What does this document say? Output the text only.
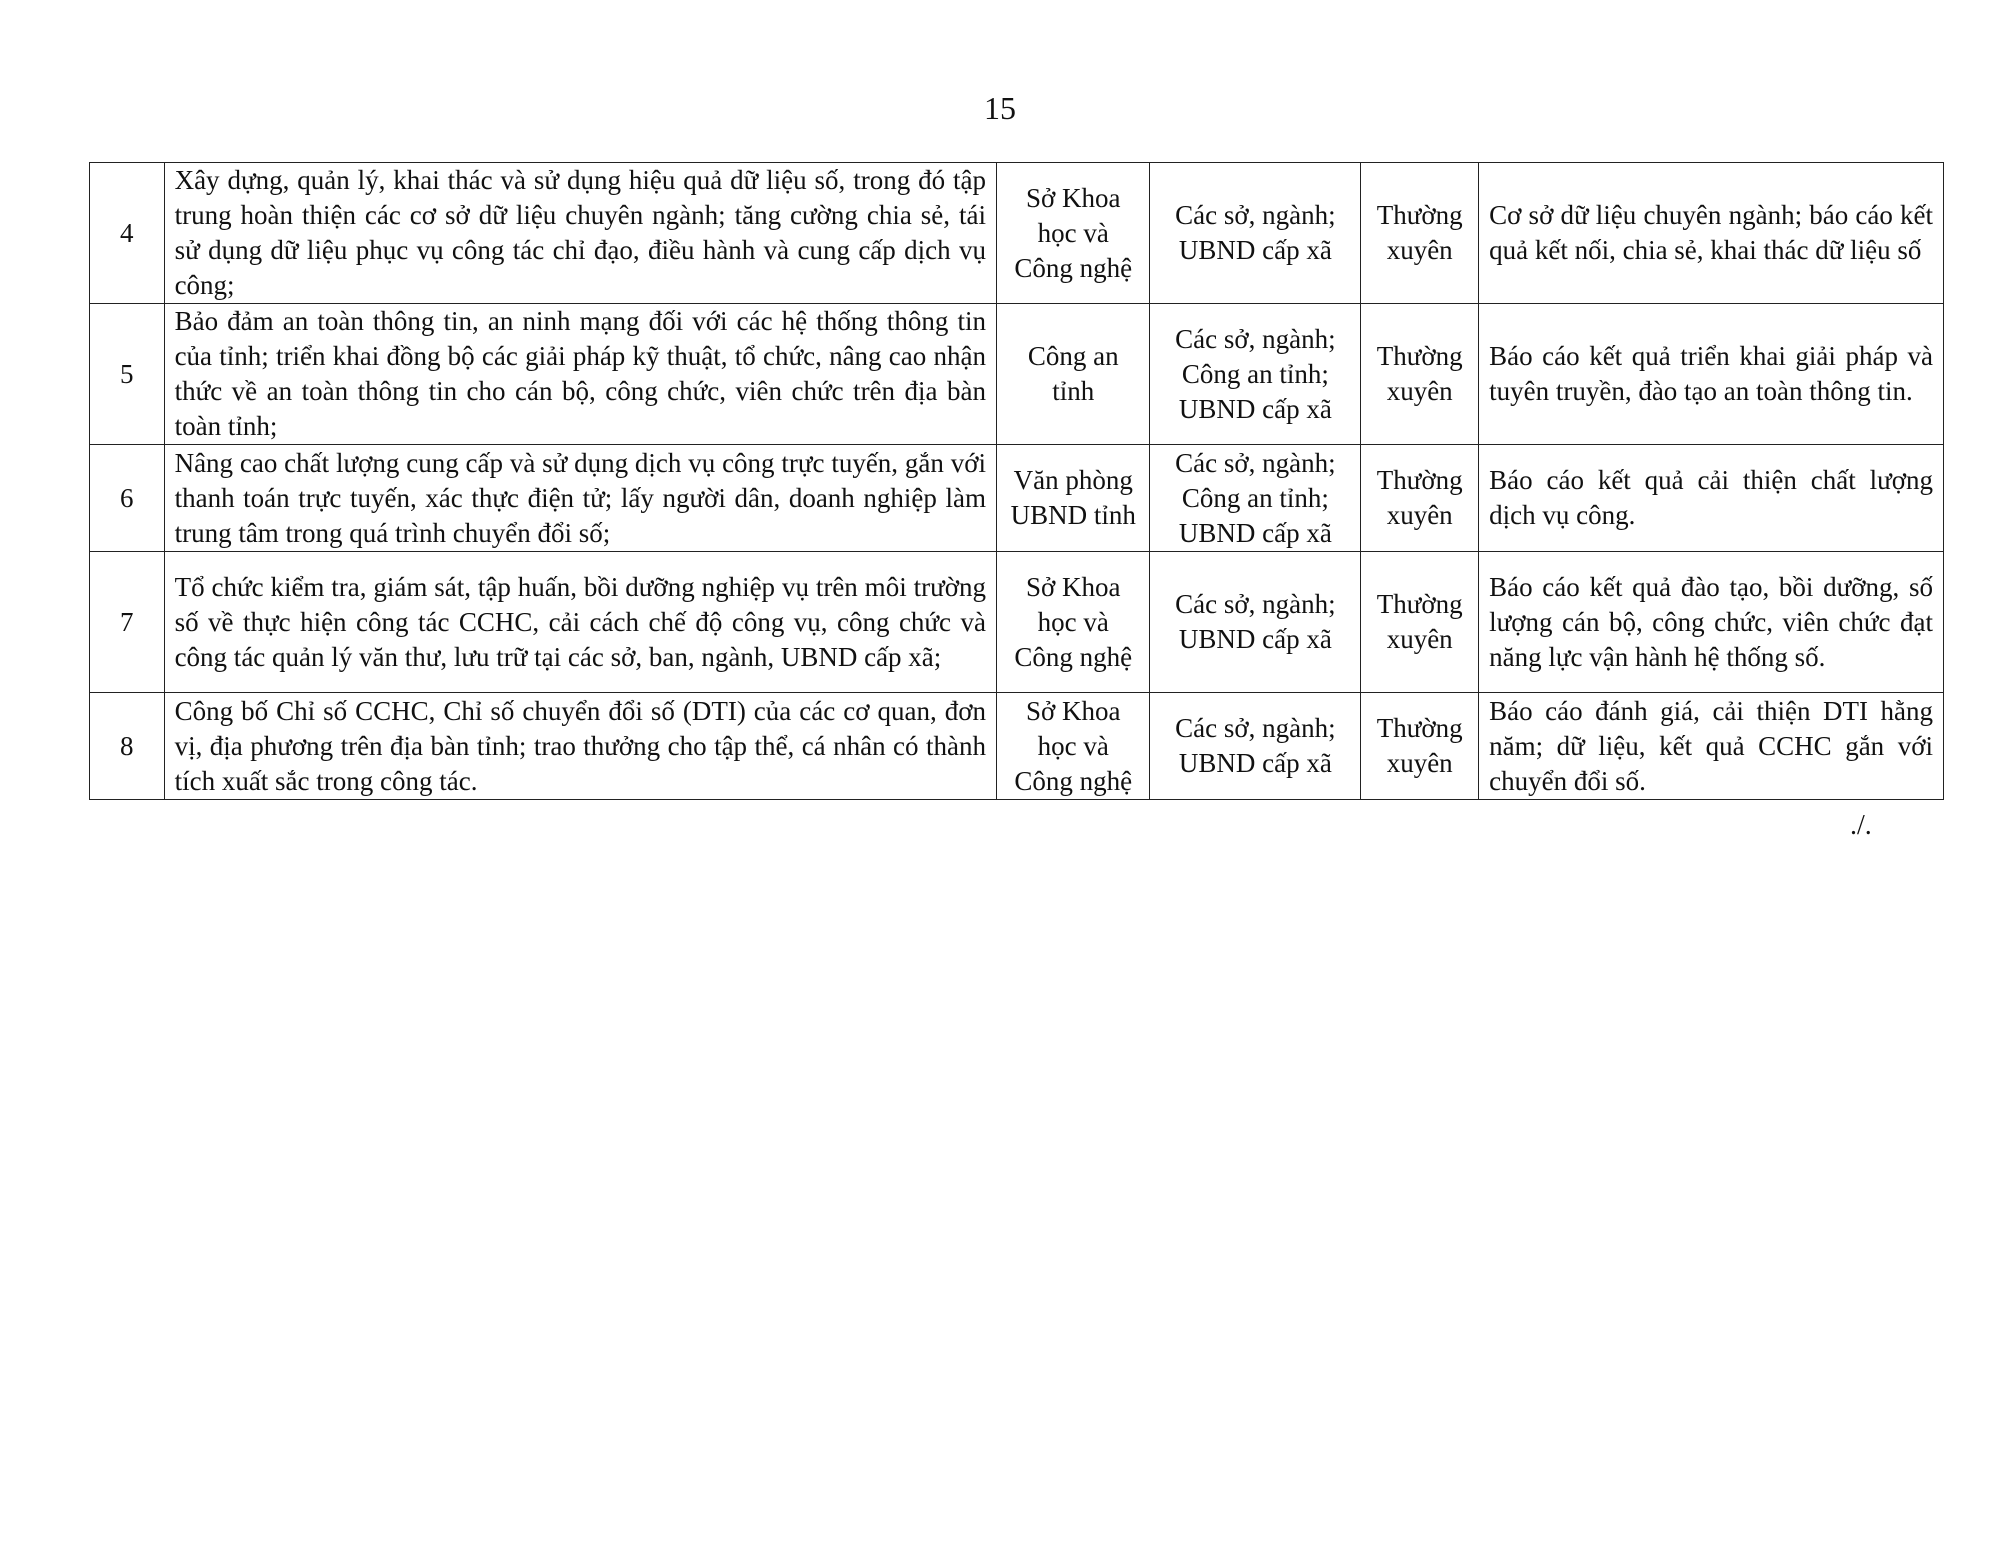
15
4	Xây dựng, quản lý, khai thác và sử dụng hiệu quả dữ liệu số, trong đó tập trung hoàn thiện các cơ sở dữ liệu chuyên ngành; tăng cường chia sẻ, tái sử dụng dữ liệu phục vụ công tác chỉ đạo, điều hành và cung cấp dịch vụ công;	Sở Khoa học và Công nghệ	Các sở, ngành; UBND cấp xã	Thường xuyên	Cơ sở dữ liệu chuyên ngành; báo cáo kết quả kết nối, chia sẻ, khai thác dữ liệu số
5	Bảo đảm an toàn thông tin, an ninh mạng đối với các hệ thống thông tin của tỉnh; triển khai đồng bộ các giải pháp kỹ thuật, tổ chức, nâng cao nhận thức về an toàn thông tin cho cán bộ, công chức, viên chức trên địa bàn toàn tỉnh;	Công an tỉnh	Các sở, ngành; Công an tỉnh; UBND cấp xã	Thường xuyên	Báo cáo kết quả triển khai giải pháp và tuyên truyền, đào tạo an toàn thông tin.
6	Nâng cao chất lượng cung cấp và sử dụng dịch vụ công trực tuyến, gắn với thanh toán trực tuyến, xác thực điện tử; lấy người dân, doanh nghiệp làm trung tâm trong quá trình chuyển đổi số;	Văn phòng UBND tỉnh	Các sở, ngành; Công an tỉnh; UBND cấp xã	Thường xuyên	Báo cáo kết quả cải thiện chất lượng dịch vụ công.
7	Tổ chức kiểm tra, giám sát, tập huấn, bồi dưỡng nghiệp vụ trên môi trường số về thực hiện công tác CCHC, cải cách chế độ công vụ, công chức và công tác quản lý văn thư, lưu trữ tại các sở, ban, ngành, UBND cấp xã;	Sở Khoa học và Công nghệ	Các sở, ngành; UBND cấp xã	Thường xuyên	Báo cáo kết quả đào tạo, bồi dưỡng, số lượng cán bộ, công chức, viên chức đạt năng lực vận hành hệ thống số.
8	Công bố Chỉ số CCHC, Chỉ số chuyển đổi số (DTI) của các cơ quan, đơn vị, địa phương trên địa bàn tỉnh; trao thưởng cho tập thể, cá nhân có thành tích xuất sắc trong công tác.	Sở Khoa học và Công nghệ	Các sở, ngành; UBND cấp xã	Thường xuyên	Báo cáo đánh giá, cải thiện DTI hằng năm; dữ liệu, kết quả CCHC gắn với chuyển đổi số.
./.
